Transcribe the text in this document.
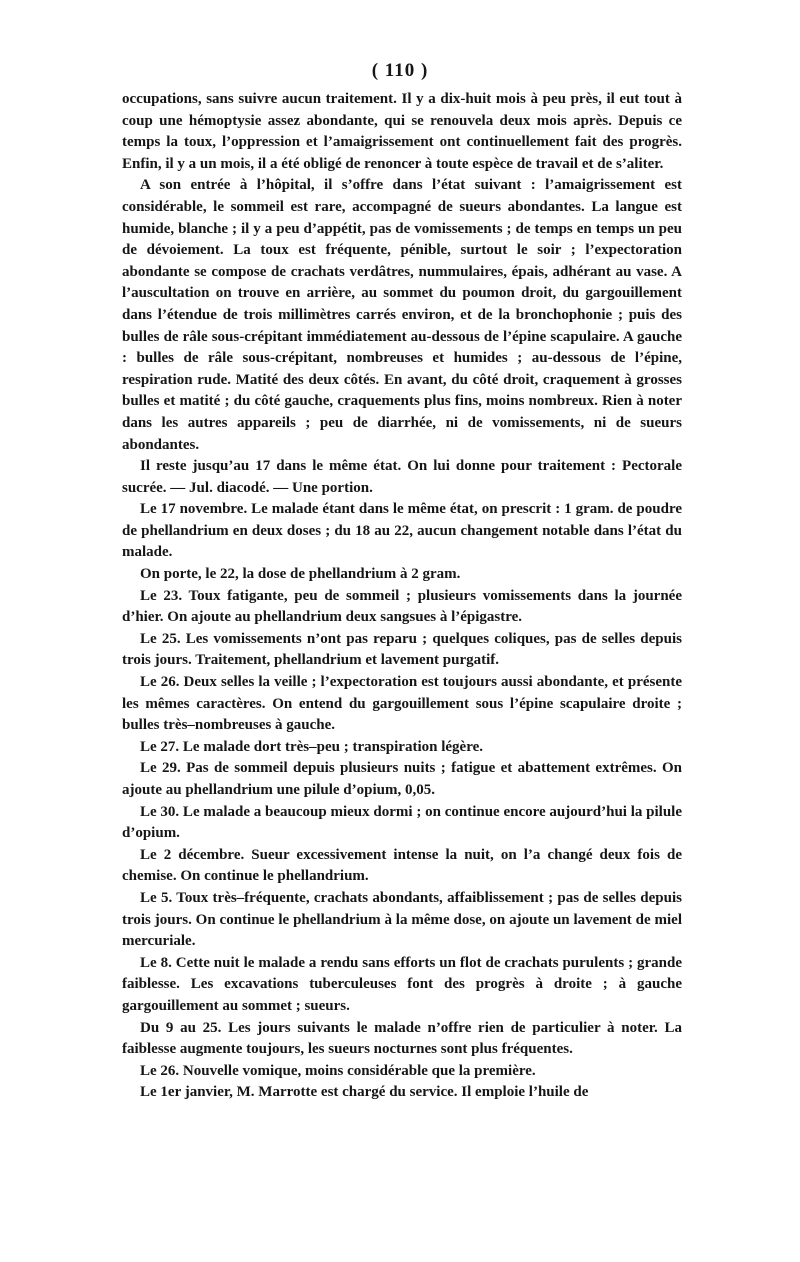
( 110 )

occupations, sans suivre aucun traitement. Il y a dix-huit mois à peu près, il eut tout à coup une hémoptysie assez abondante, qui se renouvela deux mois après. Depuis ce temps la toux, l’oppression et l’amaigrissement ont continuellement fait des progrès. Enfin, il y a un mois, il a été obligé de renoncer à toute espèce de travail et de s’aliter.

A son entrée à l’hôpital, il s’offre dans l’état suivant : l’amaigrissement est considérable, le sommeil est rare, accompagné de sueurs abondantes. La langue est humide, blanche ; il y a peu d’appétit, pas de vomissements ; de temps en temps un peu de dévoiement. La toux est fréquente, pénible, surtout le soir ; l’expectoration abondante se compose de crachats verdâtres, nummulaires, épais, adhérant au vase. A l’auscultation on trouve en arrière, au sommet du poumon droit, du gargouillement dans l’étendue de trois millimètres carrés environ, et de la bronchophonie ; puis des bulles de râle sous-crépitant immédiatement au-dessous de l’épine scapulaire. A gauche : bulles de râle sous-crépitant, nombreuses et humides ; au-dessous de l’épine, respiration rude. Matité des deux côtés. En avant, du côté droit, craquement à grosses bulles et matité ; du côté gauche, craquements plus fins, moins nombreux. Rien à noter dans les autres appareils ; peu de diarrhée, ni de vomissements, ni de sueurs abondantes.

Il reste jusqu’au 17 dans le même état. On lui donne pour traitement : Pectorale sucrée. — Jul. diacodé. — Une portion.

Le 17 novembre. Le malade étant dans le même état, on prescrit : 1 gram. de poudre de phellandrium en deux doses ; du 18 au 22, aucun changement notable dans l’état du malade.

On porte, le 22, la dose de phellandrium à 2 gram.

Le 23. Toux fatigante, peu de sommeil ; plusieurs vomissements dans la journée d’hier. On ajoute au phellandrium deux sangsues à l’épigastre.

Le 25. Les vomissements n’ont pas reparu ; quelques coliques, pas de selles depuis trois jours. Traitement, phellandrium et lavement purgatif.

Le 26. Deux selles la veille ; l’expectoration est toujours aussi abondante, et présente les mêmes caractères. On entend du gargouillement sous l’épine scapulaire droite ; bulles très–nombreuses à gauche.

Le 27. Le malade dort très–peu ; transpiration légère.

Le 29. Pas de sommeil depuis plusieurs nuits ; fatigue et abattement extrêmes. On ajoute au phellandrium une pilule d’opium, 0,05.

Le 30. Le malade a beaucoup mieux dormi ; on continue encore aujourd’hui la pilule d’opium.

Le 2 décembre. Sueur excessivement intense la nuit, on l’a changé deux fois de chemise. On continue le phellandrium.

Le 5. Toux très–fréquente, crachats abondants, affaiblissement ; pas de selles depuis trois jours. On continue le phellandrium à la même dose, on ajoute un lavement de miel mercuriale.

Le 8. Cette nuit le malade a rendu sans efforts un flot de crachats purulents ; grande faiblesse. Les excavations tuberculeuses font des progrès à droite ; à gauche gargouillement au sommet ; sueurs.

Du 9 au 25. Les jours suivants le malade n’offre rien de particulier à noter. La faiblesse augmente toujours, les sueurs nocturnes sont plus fréquentes.

Le 26. Nouvelle vomique, moins considérable que la première.

Le 1er janvier, M. Marrotte est chargé du service. Il emploie l’huile de
